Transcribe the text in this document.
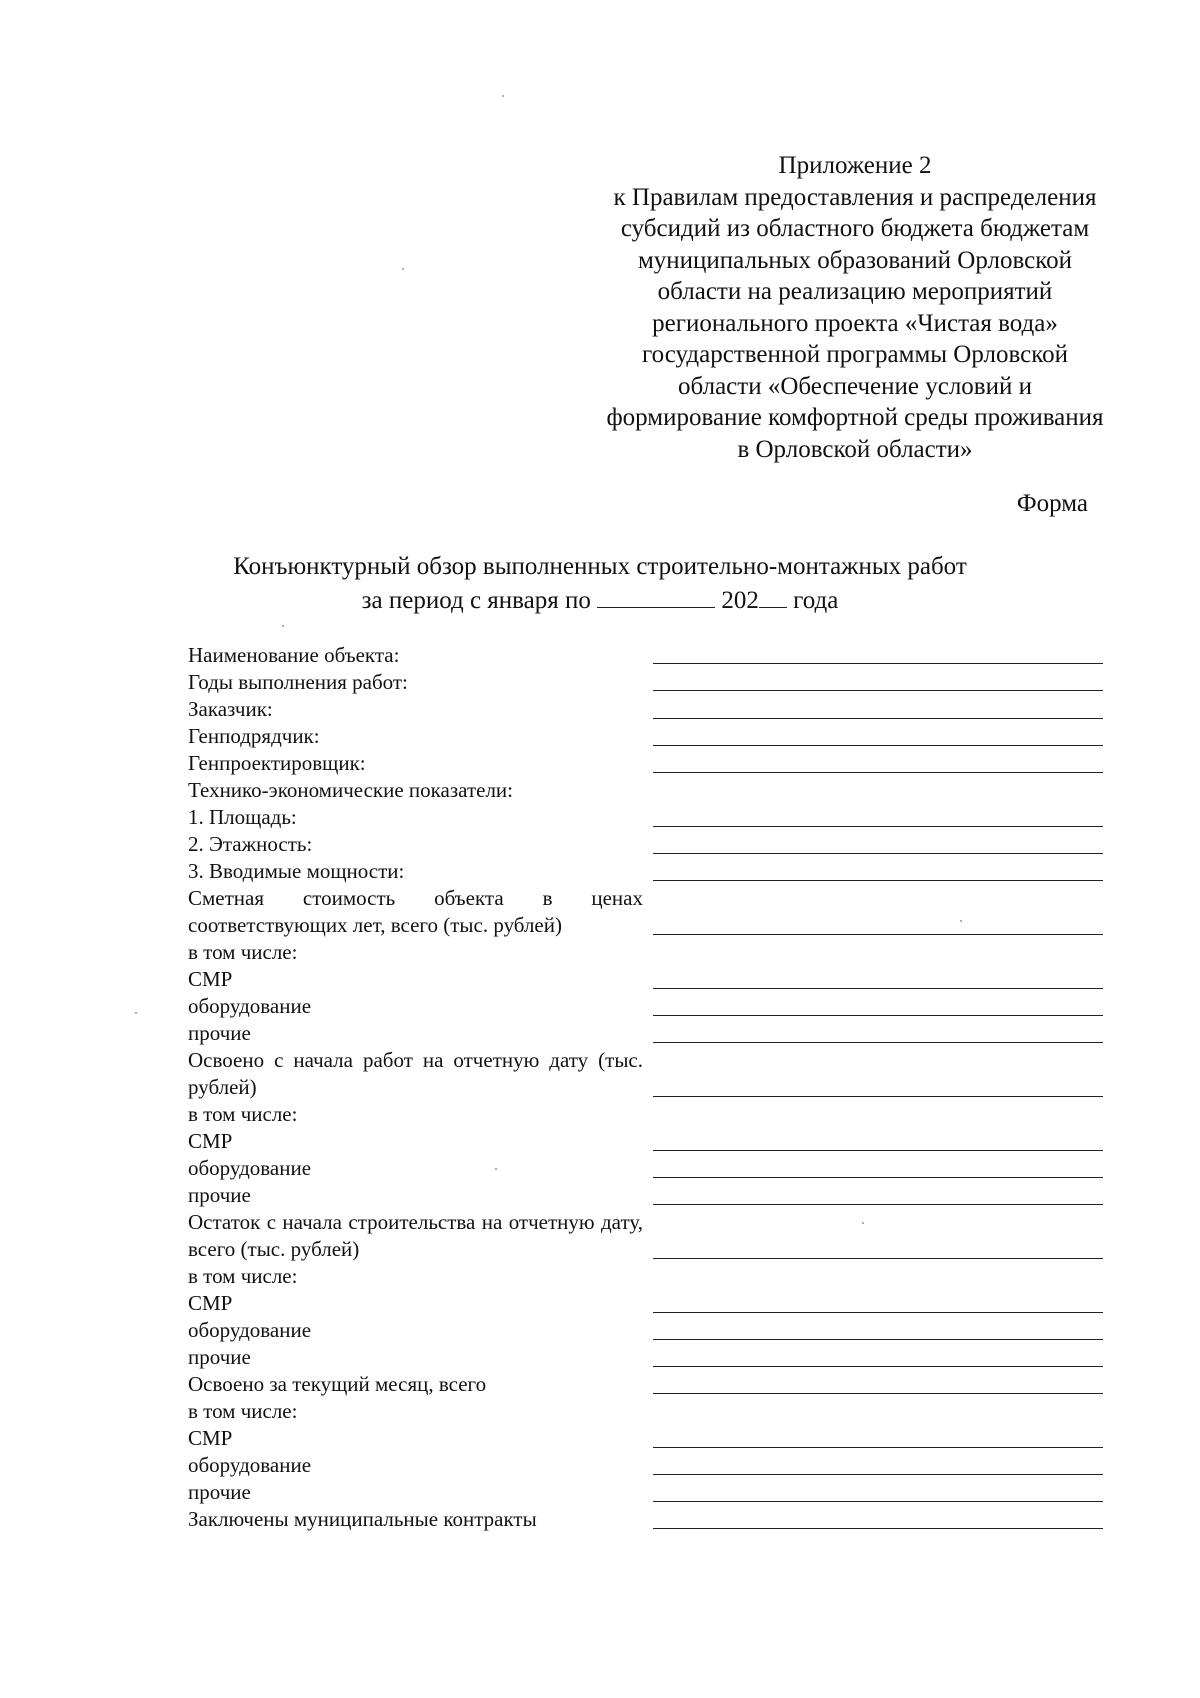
Приложение 2
к Правилам предоставления и распределения
субсидий из областного бюджета бюджетам
муниципальных образований Орловской
области на реализацию мероприятий
регионального проекта «Чистая вода»
государственной программы Орловской
области «Обеспечение условий и
формирование комфортной среды проживания
в Орловской области»
Форма
Конъюнктурный обзор выполненных строительно-монтажных работ
за период с января по	202 года
Наименование объекта:
Годы выполнения работ:
Заказчик:
Генподрядчик:
Генпроектировщик:
Технико-экономические показатели:
1. Площадь:
2. Этажность:
3. Вводимые мощности:
Сметная стоимость объекта в ценах соответствующих лет, всего (тыс. рублей)
в том числе:
СМР
оборудование
прочие
Освоено с начала работ на отчетную дату (тыс. рублей)
в том числе:
СМР
оборудование
прочие
Остаток с начала строительства на отчетную дату, всего (тыс. рублей)
в том числе:
СМР
оборудование
прочие
Освоено за текущий месяц, всего
в том числе:
СМР
оборудование
прочие
Заключены муниципальные контракты
